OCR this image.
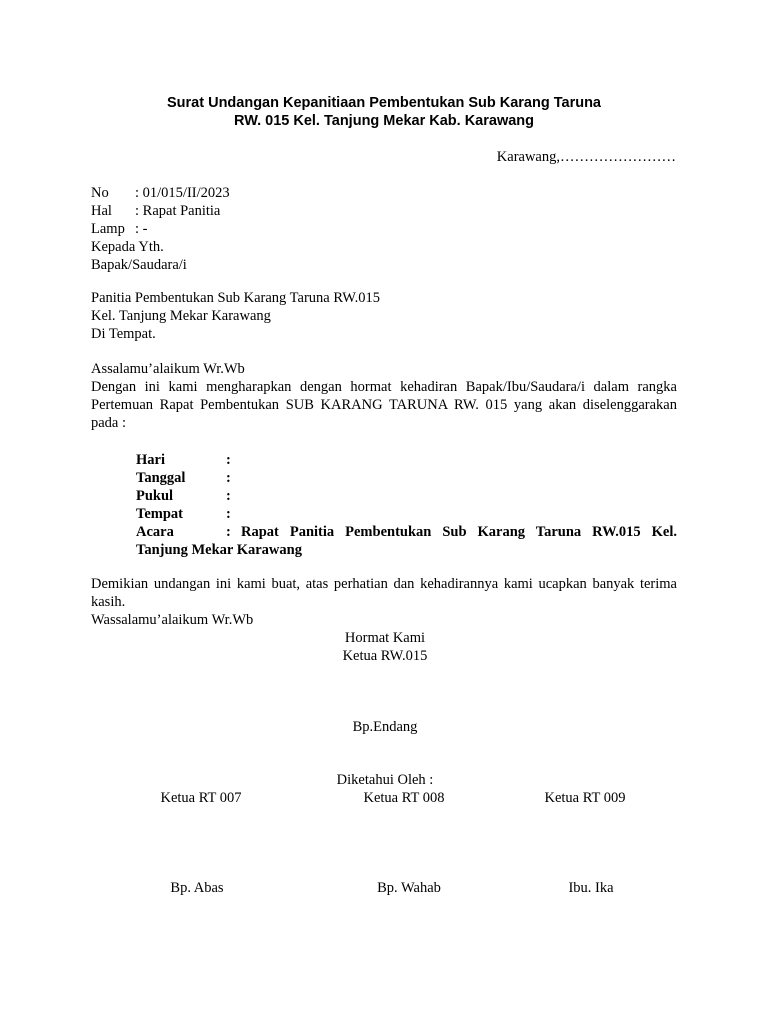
Surat Undangan Kepanitiaan Pembentukan Sub Karang Taruna
RW. 015 Kel. Tanjung Mekar Kab. Karawang
Karawang,……………………
No : 01/015/II/2023
Hal : Rapat Panitia
Lamp : -
Kepada Yth.
Bapak/Saudara/i
Panitia Pembentukan Sub Karang Taruna RW.015
Kel. Tanjung Mekar Karawang
Di Tempat.
Assalamu’alaikum Wr.Wb
Dengan ini kami mengharapkan dengan hormat kehadiran Bapak/Ibu/Saudara/i dalam rangka Pertemuan Rapat Pembentukan SUB KARANG TARUNA RW. 015 yang akan diselenggarakan pada :
Hari	:
Tanggal	:
Pukul	:
Tempat	:
Acara	: Rapat Panitia Pembentukan Sub Karang Taruna RW.015 Kel. Tanjung Mekar Karawang
Demikian undangan ini kami buat, atas perhatian dan kehadirannya kami ucapkan banyak terima kasih.
Wassalamu’alaikum Wr.Wb
Hormat Kami
Ketua RW.015
Bp.Endang
Diketahui Oleh :
Ketua RT 007	Ketua RT 008	Ketua RT 009
Bp. Abas	Bp. Wahab	Ibu. Ika
